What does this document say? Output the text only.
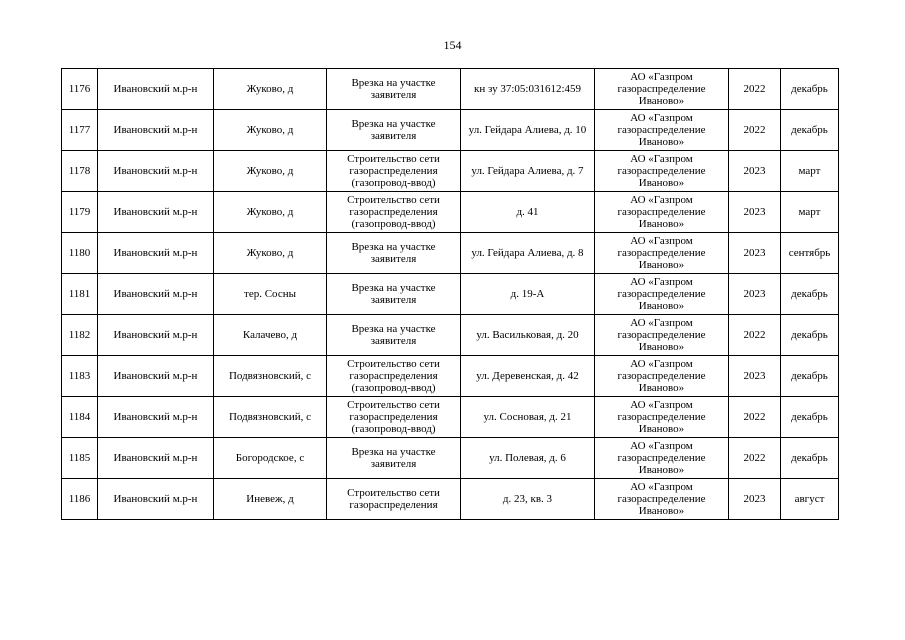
154
1176	Ивановский м.р-н	Жуково, д	Врезка на участке заявителя	кн зу 37:05:031612:459	АО «Газпром газораспределение Иваново»	2022	декабрь
1177	Ивановский м.р-н	Жуково, д	Врезка на участке заявителя	ул. Гейдара Алиева, д. 10	АО «Газпром газораспределение Иваново»	2022	декабрь
1178	Ивановский м.р-н	Жуково, д	Строительство сети газораспределения (газопровод-ввод)	ул. Гейдара Алиева, д. 7	АО «Газпром газораспределение Иваново»	2023	март
1179	Ивановский м.р-н	Жуково, д	Строительство сети газораспределения (газопровод-ввод)	д. 41	АО «Газпром газораспределение Иваново»	2023	март
1180	Ивановский м.р-н	Жуково, д	Врезка на участке заявителя	ул. Гейдара Алиева, д. 8	АО «Газпром газораспределение Иваново»	2023	сентябрь
1181	Ивановский м.р-н	тер. Сосны	Врезка на участке заявителя	д. 19-А	АО «Газпром газораспределение Иваново»	2023	декабрь
1182	Ивановский м.р-н	Калачево, д	Врезка на участке заявителя	ул. Васильковая, д. 20	АО «Газпром газораспределение Иваново»	2022	декабрь
1183	Ивановский м.р-н	Подвязновский, с	Строительство сети газораспределения (газопровод-ввод)	ул. Деревенская, д. 42	АО «Газпром газораспределение Иваново»	2023	декабрь
1184	Ивановский м.р-н	Подвязновский, с	Строительство сети газораспределения (газопровод-ввод)	ул. Сосновая, д. 21	АО «Газпром газораспределение Иваново»	2022	декабрь
1185	Ивановский м.р-н	Богородское, с	Врезка на участке заявителя	ул. Полевая, д. 6	АО «Газпром газораспределение Иваново»	2022	декабрь
1186	Ивановский м.р-н	Иневеж, д	Строительство сети газораспределения	д. 23, кв. 3	АО «Газпром газораспределение Иваново»	2023	август
